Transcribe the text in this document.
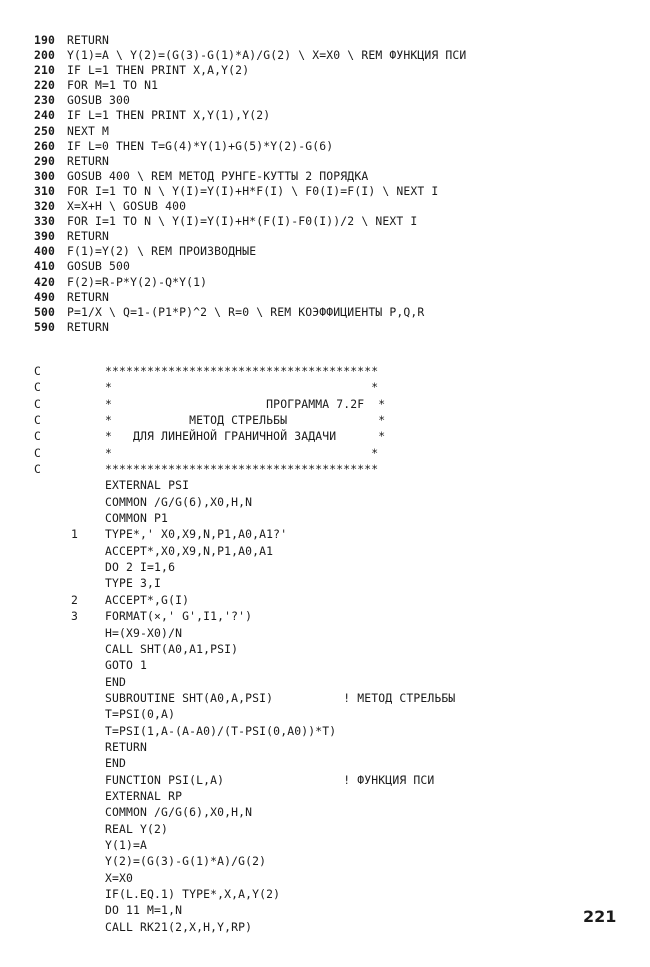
190 RETURN
200 Y(1)=A \ Y(2)=(G(3)-G(1)*A)/G(2) \ X=X0 \ REM ФУНКЦИЯ ПСИ
210 IF L=1 THEN PRINT X,A,Y(2)
220 FOR M=1 TO N1
230 GOSUB 300
240 IF L=1 THEN PRINT X,Y(1),Y(2)
250 NEXT M
260 IF L=0 THEN T=G(4)*Y(1)+G(5)*Y(2)-G(6)
290 RETURN
300 GOSUB 400 \ REM МЕТОД РУНГЕ-КУТТЫ 2 ПОРЯДКА
310 FOR I=1 TO N \ Y(I)=Y(I)+H*F(I) \ F0(I)=F(I) \ NEXT I
320 X=X+H \ GOSUB 400
330 FOR I=1 TO N \ Y(I)=Y(I)+H*(F(I)-F0(I))/2 \ NEXT I
390 RETURN
400 F(1)=Y(2) \ REM ПРОИЗВОДНЫЕ
410 GOSUB 500
420 F(2)=R-P*Y(2)-Q*Y(1)
490 RETURN
500 P=1/X \ Q=1-(P1*P)^2 \ R=0 \ REM КОЭФФИЦИЕНТЫ P,Q,R
590 RETURN

C	***************************************

C	*                                     *

C	*                      ПРОГРАММА 7.2F  *

C	*           МЕТОД СТРЕЛЬБЫ             *

C	*   ДЛЯ ЛИНЕЙНОЙ ГРАНИЧНОЙ ЗАДАЧИ      *

C	*                                     *

C	***************************************

EXTERNAL PSI

COMMON /G/G(6),X0,H,N

COMMON P1

1 TYPE*,' X0,X9,N,P1,A0,A1?'

ACCEPT*,X0,X9,N,P1,A0,A1

DO 2 I=1,6

TYPE 3,I

2 ACCEPT*,G(I)

3 FORMAT(×,' G',I1,'?')

H=(X9-X0)/N

CALL SHT(A0,A1,PSI)

GOTO 1

END

SUBROUTINE SHT(A0,A,PSI)          ! МЕТОД СТРЕЛЬБЫ

T=PSI(0,A)

T=PSI(1,A-(A-A0)/(T-PSI(0,A0))*T)

RETURN

END

FUNCTION PSI(L,A)                 ! ФУНКЦИЯ ПСИ

EXTERNAL RP

COMMON /G/G(6),X0,H,N

REAL Y(2)

Y(1)=A

Y(2)=(G(3)-G(1)*A)/G(2)

X=X0

IF(L.EQ.1) TYPE*,X,A,Y(2)

DO 11 M=1,N

CALL RK21(2,X,H,Y,RP)
221
